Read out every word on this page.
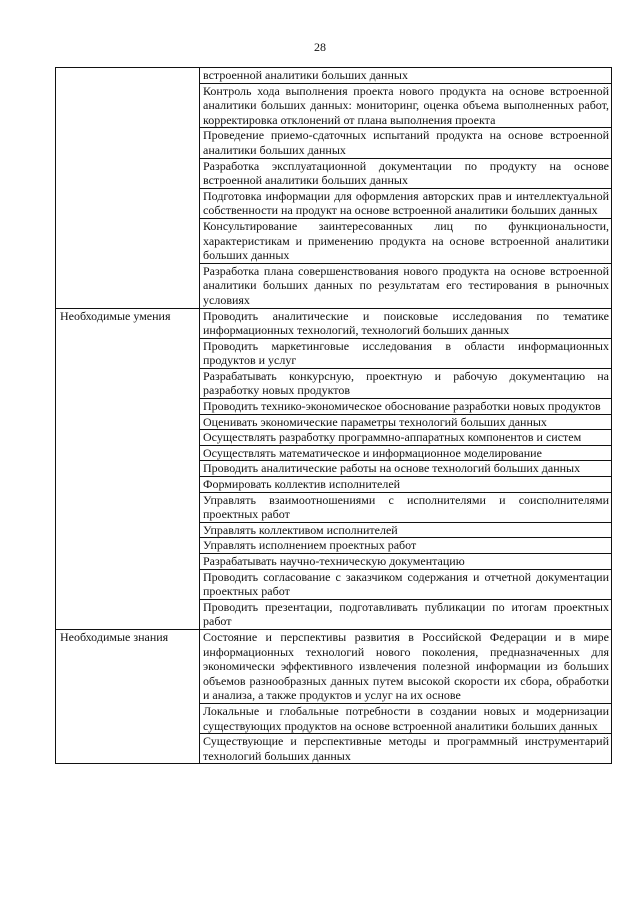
28

	встроенной аналитики больших данных

	Контроль хода выполнения проекта нового продукта на основе встроенной аналитики больших данных: мониторинг, оценка объема выполненных работ, корректировка отклонений от плана выполнения проекта

	Проведение приемо-сдаточных испытаний продукта на основе встроенной аналитики больших данных

	Разработка эксплуатационной документации по продукту на основе встроенной аналитики больших данных

	Подготовка информации для оформления авторских прав и интеллектуальной собственности на продукт на основе встроенной аналитики больших данных

	Консультирование заинтересованных лиц по функциональности, характеристикам и применению продукта на основе встроенной аналитики больших данных

	Разработка плана совершенствования нового продукта на основе встроенной аналитики больших данных по результатам его тестирования в рыночных условиях

Необходимые умения	Проводить аналитические и поисковые исследования по тематике информационных технологий, технологий больших данных

	Проводить маркетинговые исследования в области информационных продуктов и услуг

	Разрабатывать конкурсную, проектную и рабочую документацию на разработку новых продуктов

	Проводить технико-экономическое обоснование разработки новых продуктов

	Оценивать экономические параметры технологий больших данных

	Осуществлять разработку программно-аппаратных компонентов и систем

	Осуществлять математическое и информационное моделирование

	Проводить аналитические работы на основе технологий больших данных

	Формировать коллектив исполнителей

	Управлять взаимоотношениями с исполнителями и соисполнителями проектных работ

	Управлять коллективом исполнителей

	Управлять исполнением проектных работ

	Разрабатывать научно-техническую документацию

	Проводить согласование с заказчиком содержания и отчетной документации проектных работ

	Проводить презентации, подготавливать публикации по итогам проектных работ

Необходимые знания	Состояние и перспективы развития в Российской Федерации и в мире информационных технологий нового поколения, предназначенных для экономически эффективного извлечения полезной информации из больших объемов разнообразных данных путем высокой скорости их сбора, обработки и анализа, а также продуктов и услуг на их основе

	Локальные и глобальные потребности в создании новых и модернизации существующих продуктов на основе встроенной аналитики больших данных

	Существующие и перспективные методы и программный инструментарий технологий больших данных
